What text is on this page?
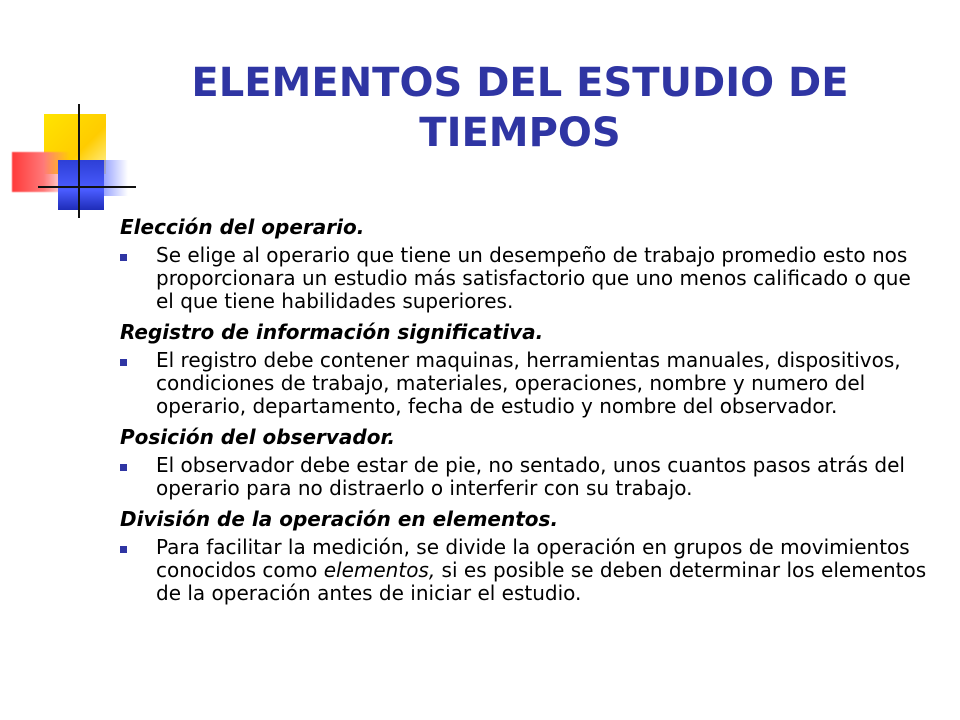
ELEMENTOS DEL ESTUDIO DE
TIEMPOS

Elección del operario.

Se elige al operario que tiene un desempeño de trabajo promedio esto nos proporcionara un estudio más satisfactorio que uno menos calificado o que el que tiene habilidades superiores.

Registro de información significativa.

El registro debe contener maquinas, herramientas manuales, dispositivos, condiciones de trabajo, materiales, operaciones, nombre y numero del operario, departamento, fecha de estudio y nombre del observador.

Posición del observador.

El observador debe estar de pie, no sentado, unos cuantos pasos atrás del operario para no distraerlo o interferir con su trabajo.

División de la operación en elementos.

Para facilitar la medición, se divide la operación en grupos de movimientos conocidos como elementos, si es posible se deben determinar los elementos de la operación antes de iniciar el estudio.
